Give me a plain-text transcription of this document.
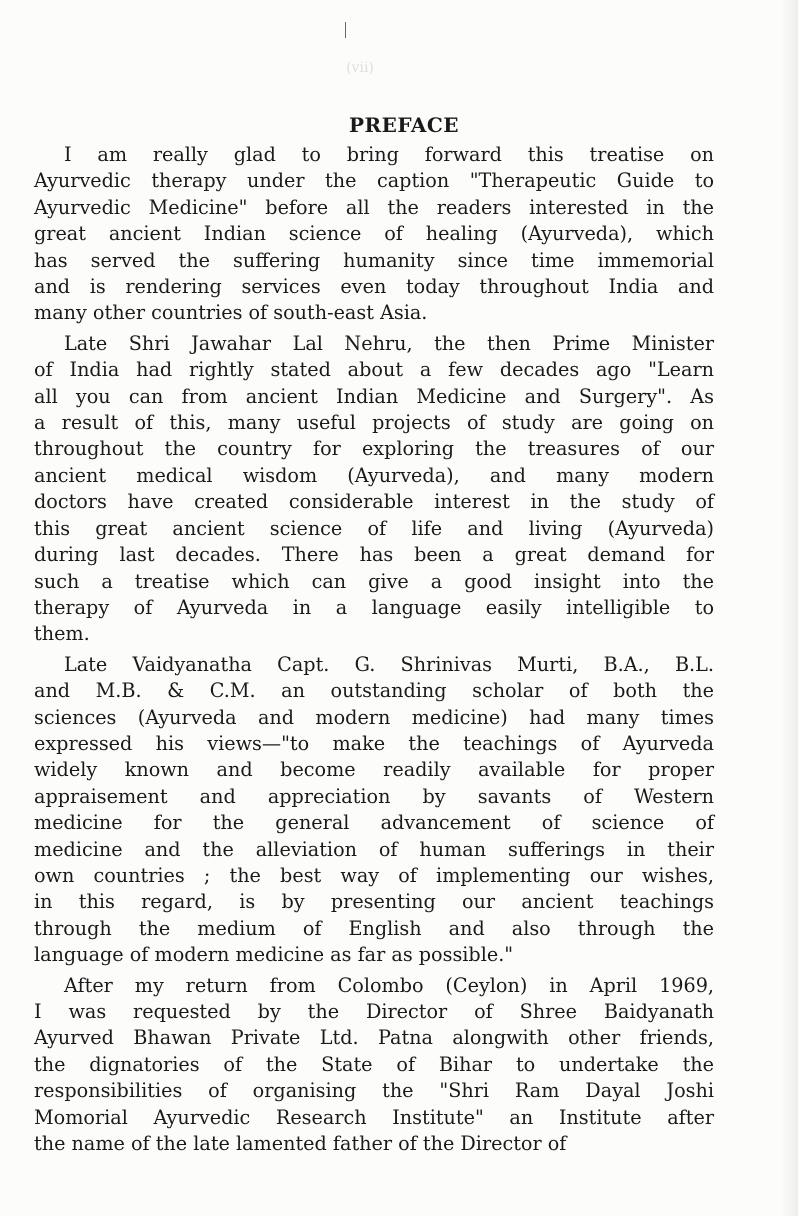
(vii)
PREFACE
I am really glad to bring forward this treatise on
Ayurvedic therapy under the caption "Therapeutic Guide to
Ayurvedic Medicine" before all the readers interested in the
great ancient Indian science of healing (Ayurveda), which
has served the suffering humanity since time immemorial
and is rendering services even today throughout India and
many other countries of south-east Asia.
Late Shri Jawahar Lal Nehru, the then Prime Minister
of India had rightly stated about a few decades ago "Learn
all you can from ancient Indian Medicine and Surgery". As
a result of this, many useful projects of study are going on
throughout the country for exploring the treasures of our
ancient medical wisdom (Ayurveda), and many modern
doctors have created considerable interest in the study of
this great ancient science of life and living (Ayurveda)
during last decades. There has been a great demand for
such a treatise which can give a good insight into the
therapy of Ayurveda in a language easily intelligible to
them.
Late Vaidyanatha Capt. G. Shrinivas Murti, B.A., B.L.
and M.B. & C.M. an outstanding scholar of both the
sciences (Ayurveda and modern medicine) had many times
expressed his views—"to make the teachings of Ayurveda
widely known and become readily available for proper
appraisement and appreciation by savants of Western
medicine for the general advancement of science of
medicine and the alleviation of human sufferings in their
own countries ; the best way of implementing our wishes,
in this regard, is by presenting our ancient teachings
through the medium of English and also through the
language of modern medicine as far as possible."
After my return from Colombo (Ceylon) in April 1969,
I was requested by the Director of Shree Baidyanath
Ayurved Bhawan Private Ltd. Patna alongwith other friends,
the dignatories of the State of Bihar to undertake the
responsibilities of organising the "Shri Ram Dayal Joshi
Momorial Ayurvedic Research Institute" an Institute after
the name of the late lamented father of the Director of
